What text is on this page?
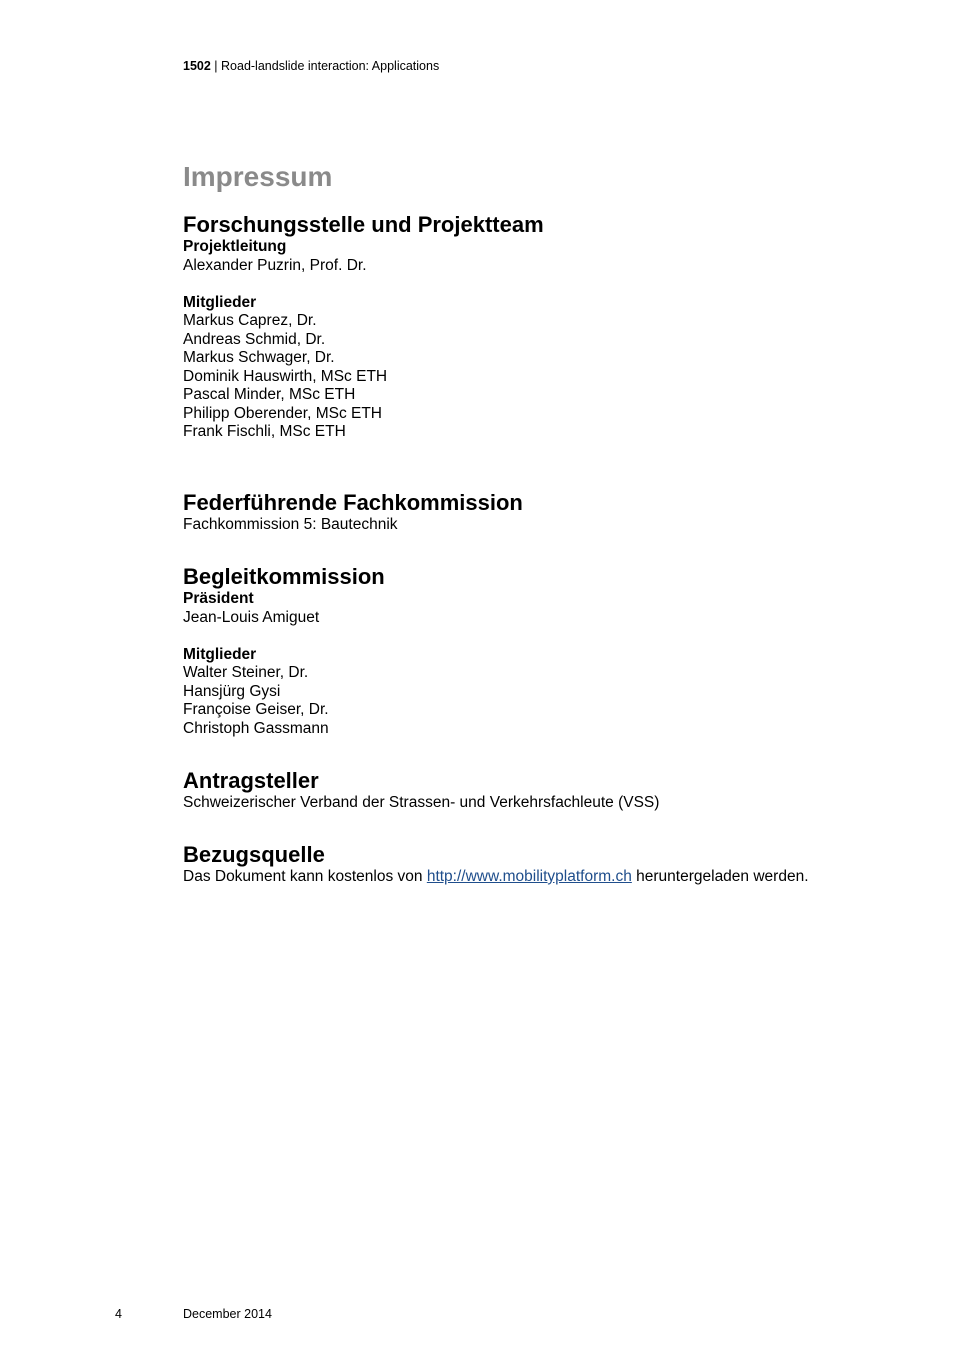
1502 | Road-landslide interaction: Applications
Impressum
Forschungsstelle und Projektteam
Projektleitung
Alexander Puzrin, Prof. Dr.
Mitglieder
Markus Caprez, Dr.
Andreas Schmid, Dr.
Markus Schwager, Dr.
Dominik Hauswirth, MSc ETH
Pascal Minder, MSc ETH
Philipp Oberender, MSc ETH
Frank Fischli, MSc ETH
Federführende Fachkommission
Fachkommission 5: Bautechnik
Begleitkommission
Präsident
Jean-Louis Amiguet
Mitglieder
Walter Steiner, Dr.
Hansjürg Gysi
Françoise Geiser, Dr.
Christoph Gassmann
Antragsteller
Schweizerischer Verband der Strassen- und Verkehrsfachleute (VSS)
Bezugsquelle
Das Dokument kann kostenlos von http://www.mobilityplatform.ch heruntergeladen werden.
4	December 2014
